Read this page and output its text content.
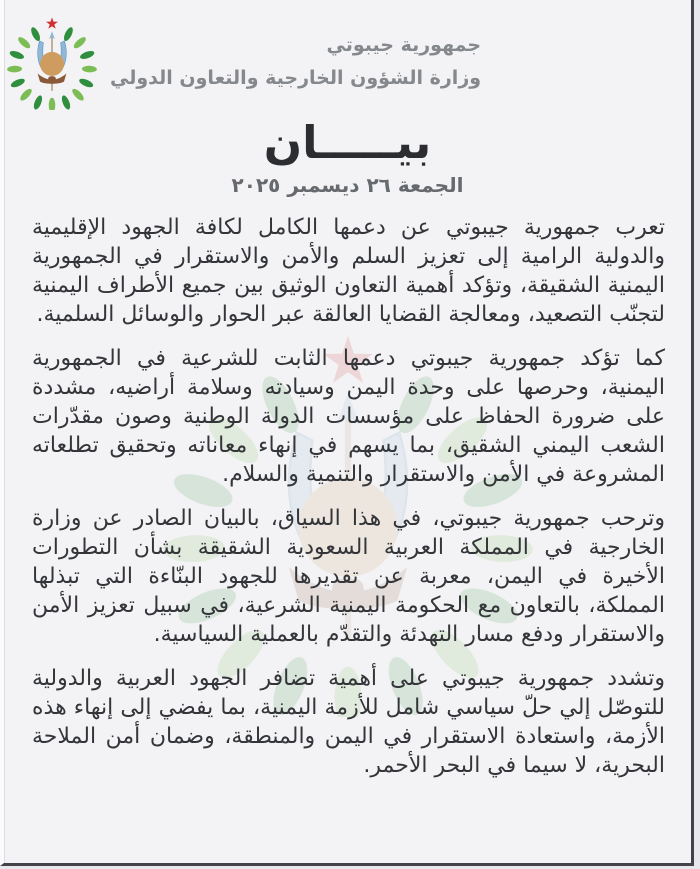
جمهورية جيبوتي
وزارة الشؤون الخارجية والتعاون الدولي
بيـــــان
الجمعة ٢٦ ديسمبر ٢٠٢٥

تعرب جمهورية جيبوتي عن دعمها الكامل لكافة الجهود الإقليمية والدولية الرامية إلى تعزيز السلم والأمن والاستقرار في الجمهورية اليمنية الشقيقة، وتؤكد أهمية التعاون الوثيق بين جميع الأطراف اليمنية لتجنّب التصعيد، ومعالجة القضايا العالقة عبر الحوار والوسائل السلمية.

كما تؤكد جمهورية جيبوتي دعمها الثابت للشرعية في الجمهورية اليمنية، وحرصها على وحدة اليمن وسيادته وسلامة أراضيه، مشددة على ضرورة الحفاظ على مؤسسات الدولة الوطنية وصون مقدّرات الشعب اليمني الشقيق، بما يسهم في إنهاء معاناته وتحقيق تطلعاته المشروعة في الأمن والاستقرار والتنمية والسلام.

وترحب جمهورية جيبوتي، في هذا السياق، بالبيان الصادر عن وزارة الخارجية في المملكة العربية السعودية الشقيقة بشأن التطورات الأخيرة في اليمن، معربة عن تقديرها للجهود البنّاءة التي تبذلها المملكة، بالتعاون مع الحكومة اليمنية الشرعية، في سبيل تعزيز الأمن والاستقرار ودفع مسار التهدئة والتقدّم بالعملية السياسية.

وتشدد جمهورية جيبوتي على أهمية تضافر الجهود العربية والدولية للتوصّل إلي حلّ سياسي شامل للأزمة اليمنية، بما يفضي إلى إنهاء هذه الأزمة، واستعادة الاستقرار في اليمن والمنطقة، وضمان أمن الملاحة البحرية، لا سيما في البحر الأحمر.
